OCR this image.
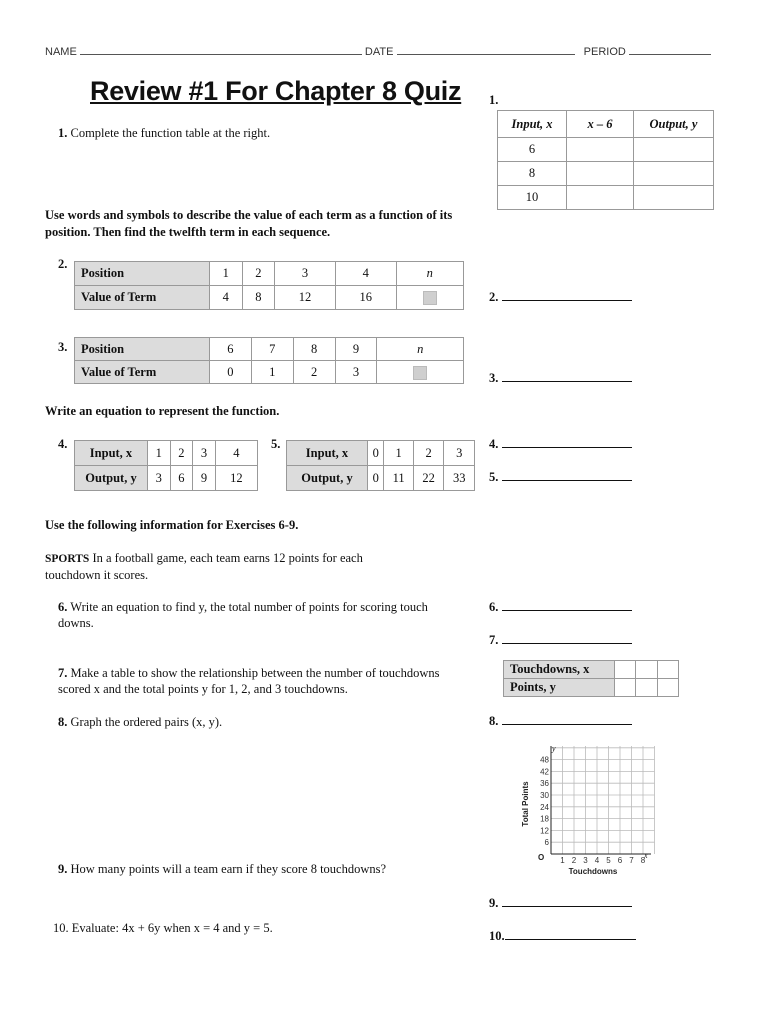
NAME	DATE	PERIOD
Review #1 For Chapter 8 Quiz
1. Complete the function table at the right.
1.
Input, x	x – 6	Output, y
6		
8		
10		
Use words and symbols to describe the value of each term as a function of its position. Then find the twelfth term in each sequence.
2.
Position	1	2	3	4	n
Value of Term	4	8	12	16	
3. Position	6	7	8	9	n
Value of Term	0	1	2	3	
Write an equation to represent the function.
4.
Input, x	1	2	3	4
Output, y	3	6	9	12
5.
Input, x	0	1	2	3
Output, y	0	11	22	33
Use the following information for Exercises 6-9.
SPORTS In a football game, each team earns 12 points for each touchdown it scores.
6. Write an equation to find y, the total number of points for scoring touch downs.
7. Make a table to show the relationship between the number of touchdowns scored x and the total points y for 1, 2, and 3 touchdowns.
Touchdowns, x			
Points, y			
8. Graph the ordered pairs (x, y).
1 2 3 4 5 6 7 8
6
12
18
24
30
36
42
48
O	x
y
Touchdowns
Total Points
9. How many points will a team earn if they score 8 touchdowns?
10. Evaluate: 4x + 6y when x = 4 and y = 5.
2.
3.
4.
5.
6.
7.
8.
9.
10.
